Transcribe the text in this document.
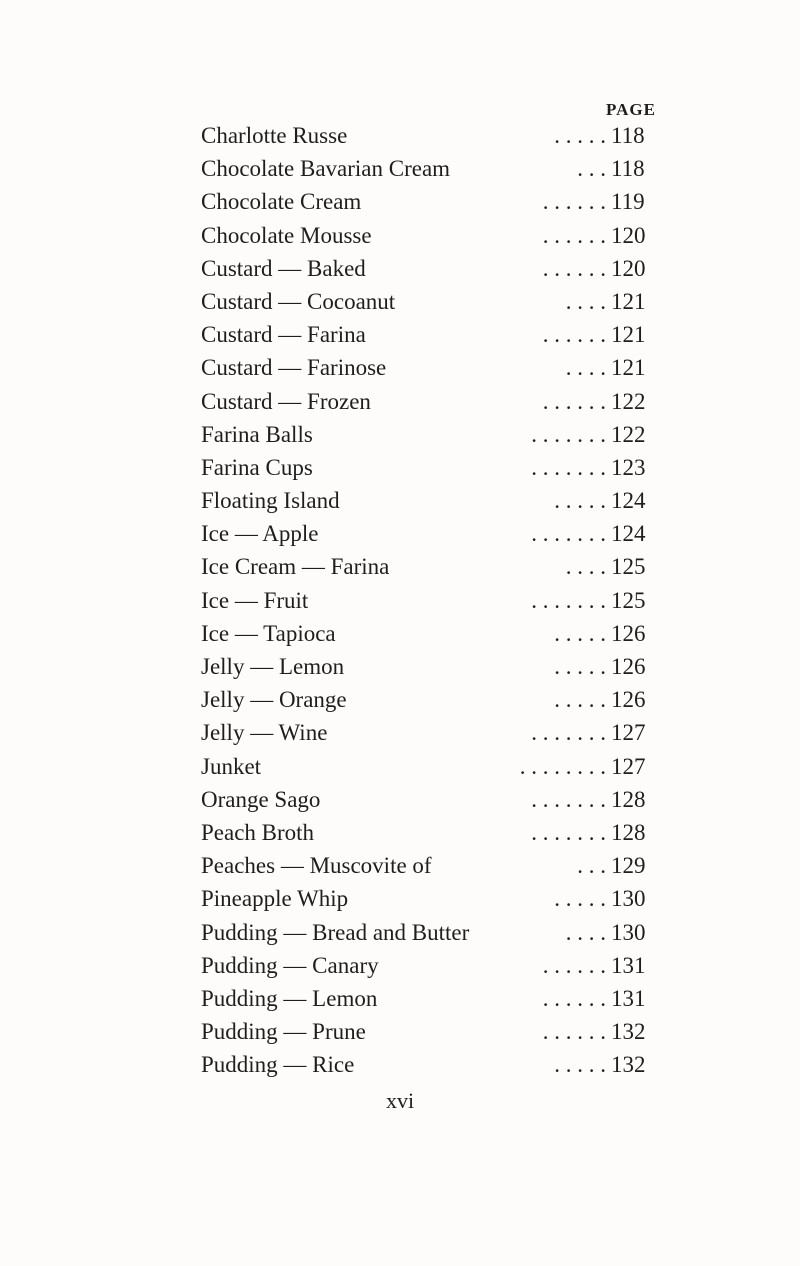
PAGE
. . . . .
Charlotte Russe	118
. . .
Chocolate Bavarian Cream	118
. . . . . .
Chocolate Cream	119
. . . . . .
Chocolate Mousse	120
. . . . . .
Custard — Baked	120
. . . .
Custard — Cocoanut	121
. . . . . .
Custard — Farina	121
. . . .
Custard — Farinose	121
. . . . . .
Custard — Frozen	122
. . . . . . .
Farina Balls	122
. . . . . . .
Farina Cups	123
. . . . .
Floating Island	124
. . . . . . .
Ice — Apple	124
. . . .
Ice Cream — Farina	125
. . . . . . .
Ice — Fruit	125
. . . . .
Ice — Tapioca	126
. . . . .
Jelly — Lemon	126
. . . . .
Jelly — Orange	126
. . . . . . .
Jelly — Wine	127
. . . . . . . .
Junket	127
. . . . . . .
Orange Sago	128
. . . . . . .
Peach Broth	128
. . .
Peaches — Muscovite of	129
. . . . .
Pineapple Whip	130
. . . .
Pudding — Bread and Butter	130
. . . . . .
Pudding — Canary	131
. . . . . .
Pudding — Lemon	131
. . . . . .
Pudding — Prune	132
. . . . .
Pudding — Rice	132
xvi
